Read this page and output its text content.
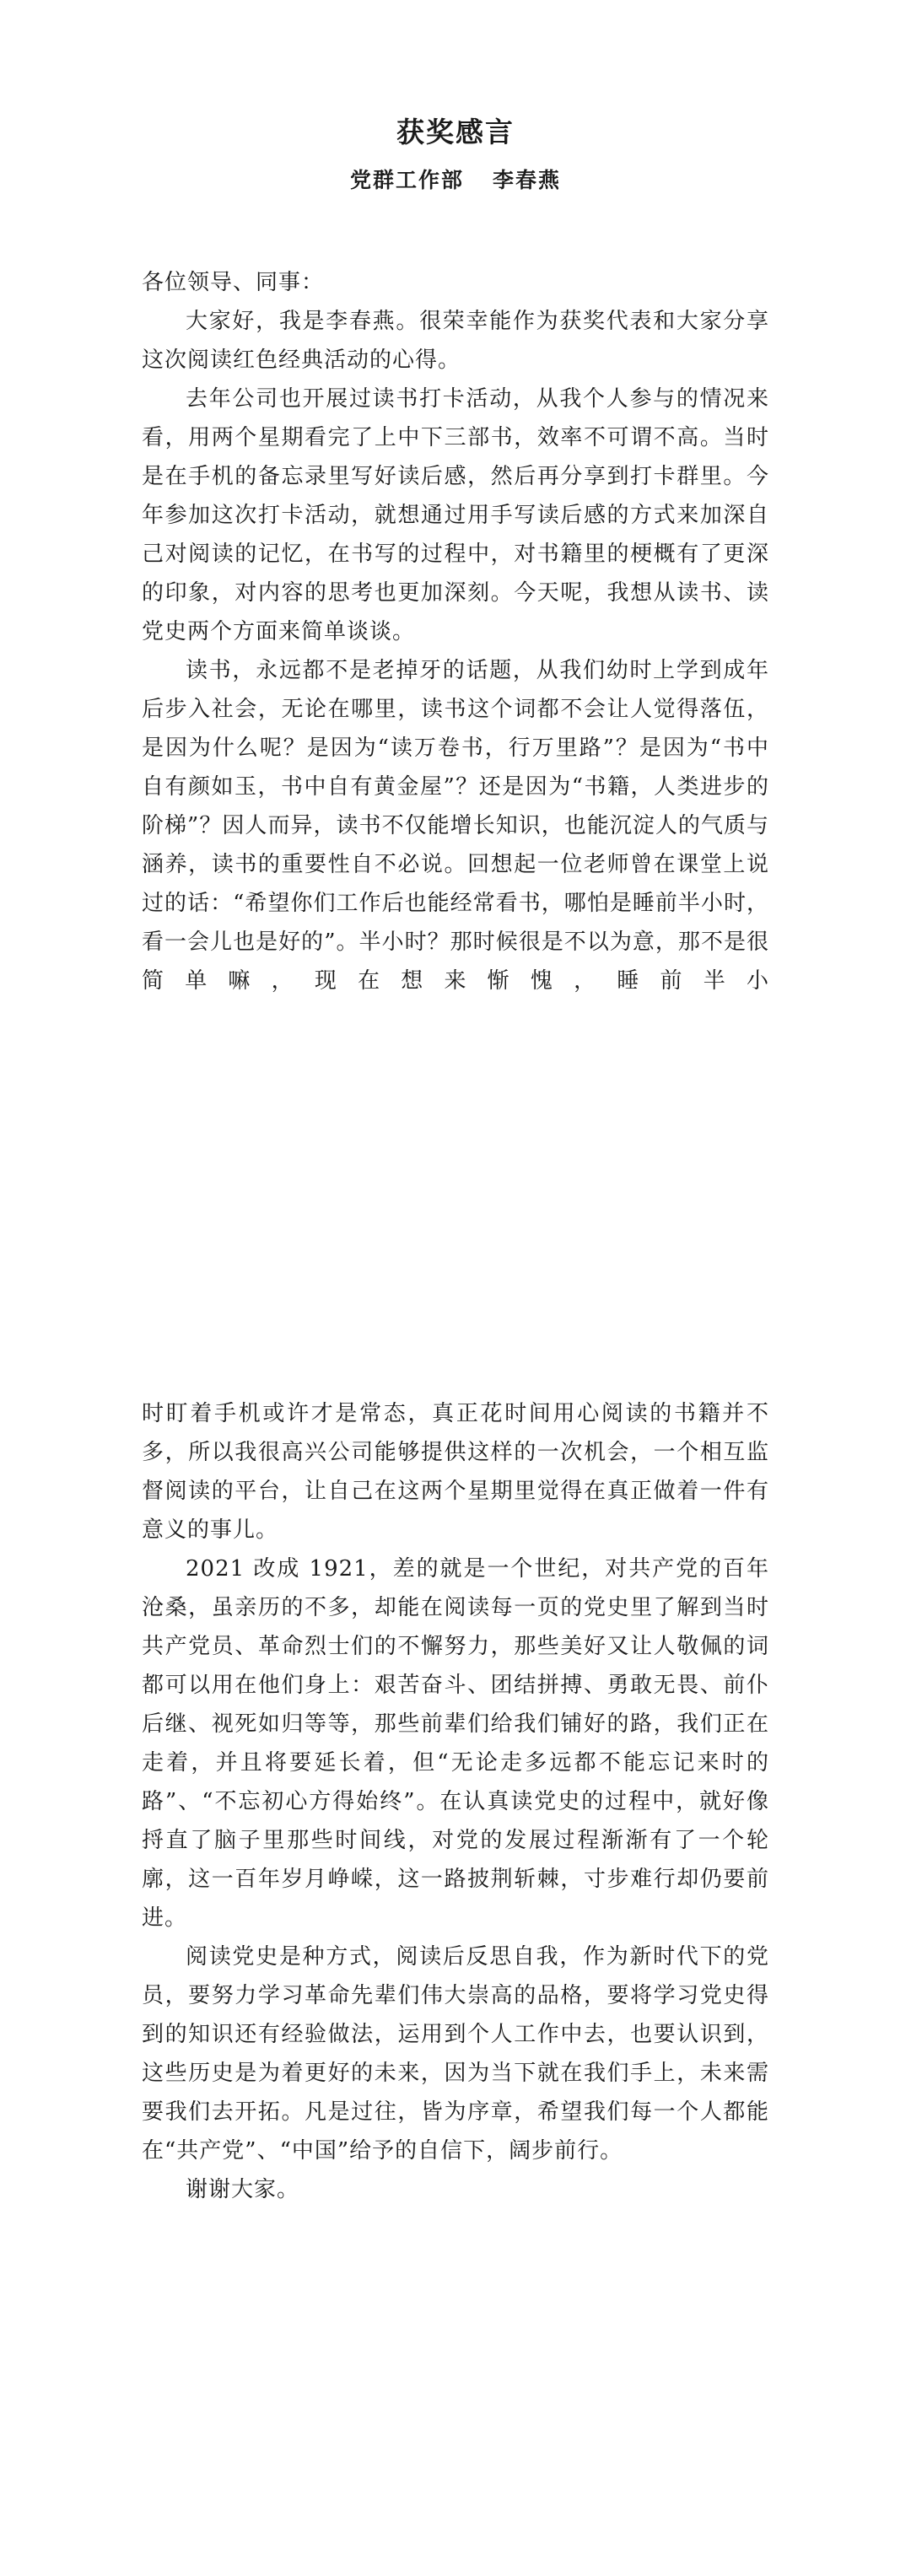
获奖感言
党群工作部 李春燕

各位领导、同事：

大家好，我是李春燕。很荣幸能作为获奖代表和大家分享这次阅读红色经典活动的心得。

去年公司也开展过读书打卡活动，从我个人参与的情况来看，用两个星期看完了上中下三部书，效率不可谓不高。当时是在手机的备忘录里写好读后感，然后再分享到打卡群里。今年参加这次打卡活动，就想通过用手写读后感的方式来加深自己对阅读的记忆，在书写的过程中，对书籍里的梗概有了更深的印象，对内容的思考也更加深刻。今天呢，我想从读书、读党史两个方面来简单谈谈。

读书，永远都不是老掉牙的话题，从我们幼时上学到成年后步入社会，无论在哪里，读书这个词都不会让人觉得落伍，是因为什么呢？是因为“读万卷书，行万里路”？是因为“书中自有颜如玉，书中自有黄金屋”？还是因为“书籍，人类进步的阶梯”？因人而异，读书不仅能增长知识，也能沉淀人的气质与涵养，读书的重要性自不必说。回想起一位老师曾在课堂上说过的话：“希望你们工作后也能经常看书，哪怕是睡前半小时，看一会儿也是好的”。半小时？那时候很是不以为意，那不是很简单嘛，现在想来惭愧，睡前半小

时盯着手机或许才是常态，真正花时间用心阅读的书籍并不多，所以我很高兴公司能够提供这样的一次机会，一个相互监督阅读的平台，让自己在这两个星期里觉得在真正做着一件有意义的事儿。

2021 改成 1921，差的就是一个世纪，对共产党的百年沧桑，虽亲历的不多，却能在阅读每一页的党史里了解到当时共产党员、革命烈士们的不懈努力，那些美好又让人敬佩的词都可以用在他们身上：艰苦奋斗、团结拼搏、勇敢无畏、前仆后继、视死如归等等，那些前辈们给我们铺好的路，我们正在走着，并且将要延长着，但“无论走多远都不能忘记来时的路”、“不忘初心方得始终”。在认真读党史的过程中，就好像捋直了脑子里那些时间线，对党的发展过程渐渐有了一个轮廓，这一百年岁月峥嵘，这一路披荆斩棘，寸步难行却仍要前进。

阅读党史是种方式，阅读后反思自我，作为新时代下的党员，要努力学习革命先辈们伟大崇高的品格，要将学习党史得到的知识还有经验做法，运用到个人工作中去，也要认识到，这些历史是为着更好的未来，因为当下就在我们手上，未来需要我们去开拓。凡是过往，皆为序章，希望我们每一个人都能在“共产党”、“中国”给予的自信下，阔步前行。

谢谢大家。
